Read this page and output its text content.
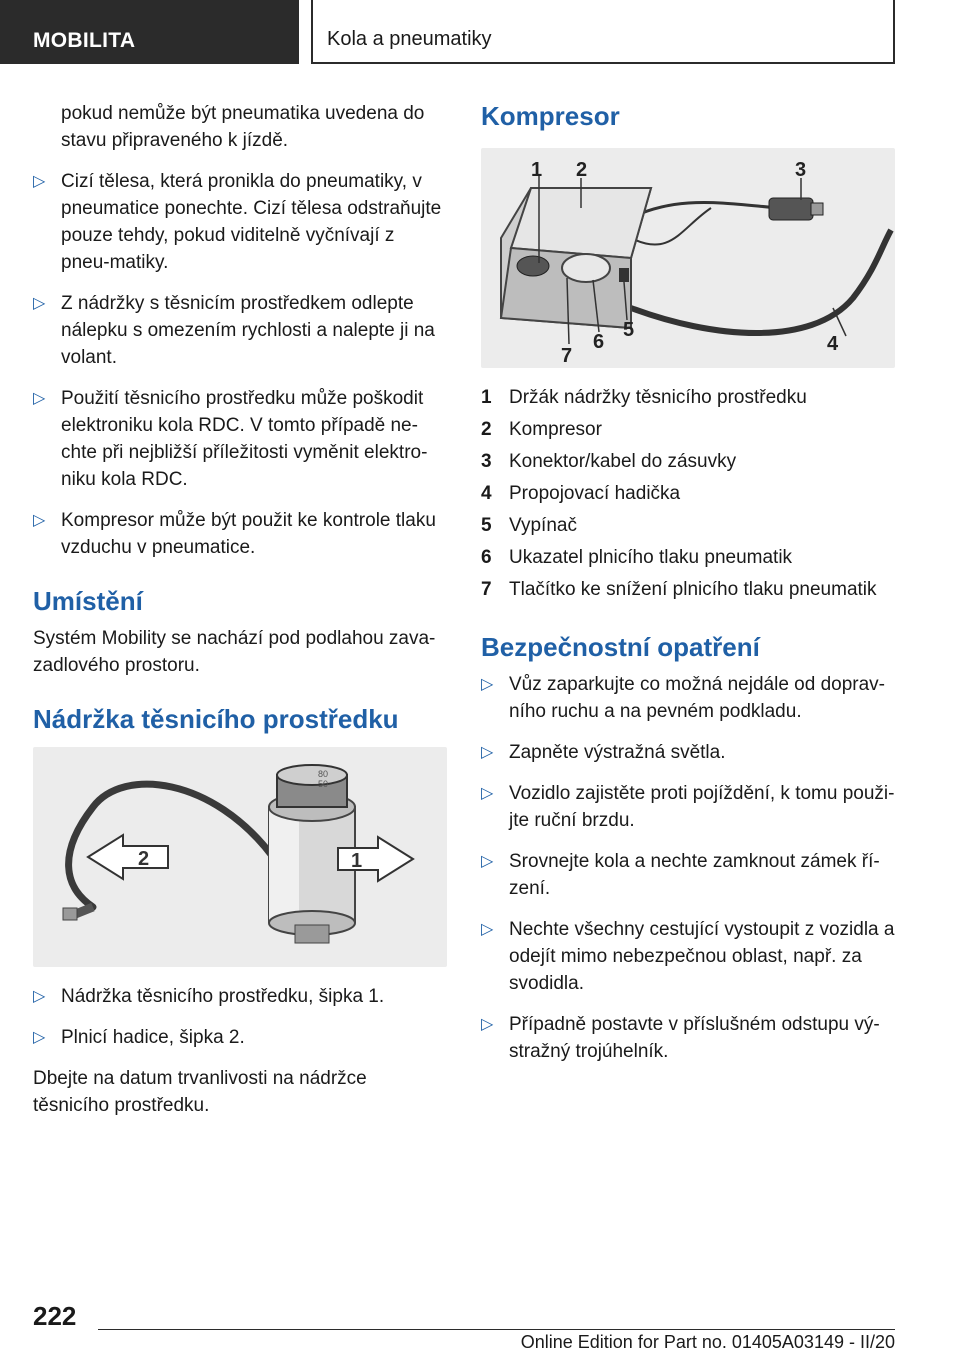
MOBILITA	Kola a pneumatiky
pokud nemůže být pneumatika uvedena do stavu připraveného k jízdě.
▷ Cizí tělesa, která pronikla do pneumatiky, v pneumatice ponechte. Cizí tělesa odstraňujte pouze tehdy, pokud viditelně vyčnívají z pneu-matiky.
▷ Z nádržky s těsnicím prostředkem odlepte nálepku s omezením rychlosti a nalepte ji na volant.
▷ Použití těsnicího prostředku může poškodit elektroniku kola RDC. V tomto případě ne-chte při nejbližší příležitosti vyměnit elektro-niku kola RDC.
▷ Kompresor může být použit ke kontrole tlaku vzduchu v pneumatice.
Umístění
Systém Mobility se nachází pod podlahou zava-zadlového prostoru.
Nádržka těsnicího prostředku
80
50
2	1
▷ Nádržka těsnicího prostředku, šipka 1.
▷ Plnicí hadice, šipka 2.
Dbejte na datum trvanlivosti na nádržce těsnicího prostředku.
Kompresor
1 2	3
4
5
6
7
1 Držák nádržky těsnicího prostředku
2 Kompresor
3 Konektor/kabel do zásuvky
4 Propojovací hadička
5 Vypínač
6 Ukazatel plnicího tlaku pneumatik
7 Tlačítko ke snížení plnicího tlaku pneumatik
Bezpečnostní opatření
▷ Vůz zaparkujte co možná nejdále od doprav-ního ruchu a na pevném podkladu.
▷ Zapněte výstražná světla.
▷ Vozidlo zajistěte proti pojíždění, k tomu použi-jte ruční brzdu.
▷ Srovnejte kola a nechte zamknout zámek ří-zení.
▷ Nechte všechny cestující vystoupit z vozidla a odejít mimo nebezpečnou oblast, např. za svodidla.
▷ Případně postavte v příslušném odstupu vý-stražný trojúhelník.
222
Online Edition for Part no. 01405A03149 - II/20
